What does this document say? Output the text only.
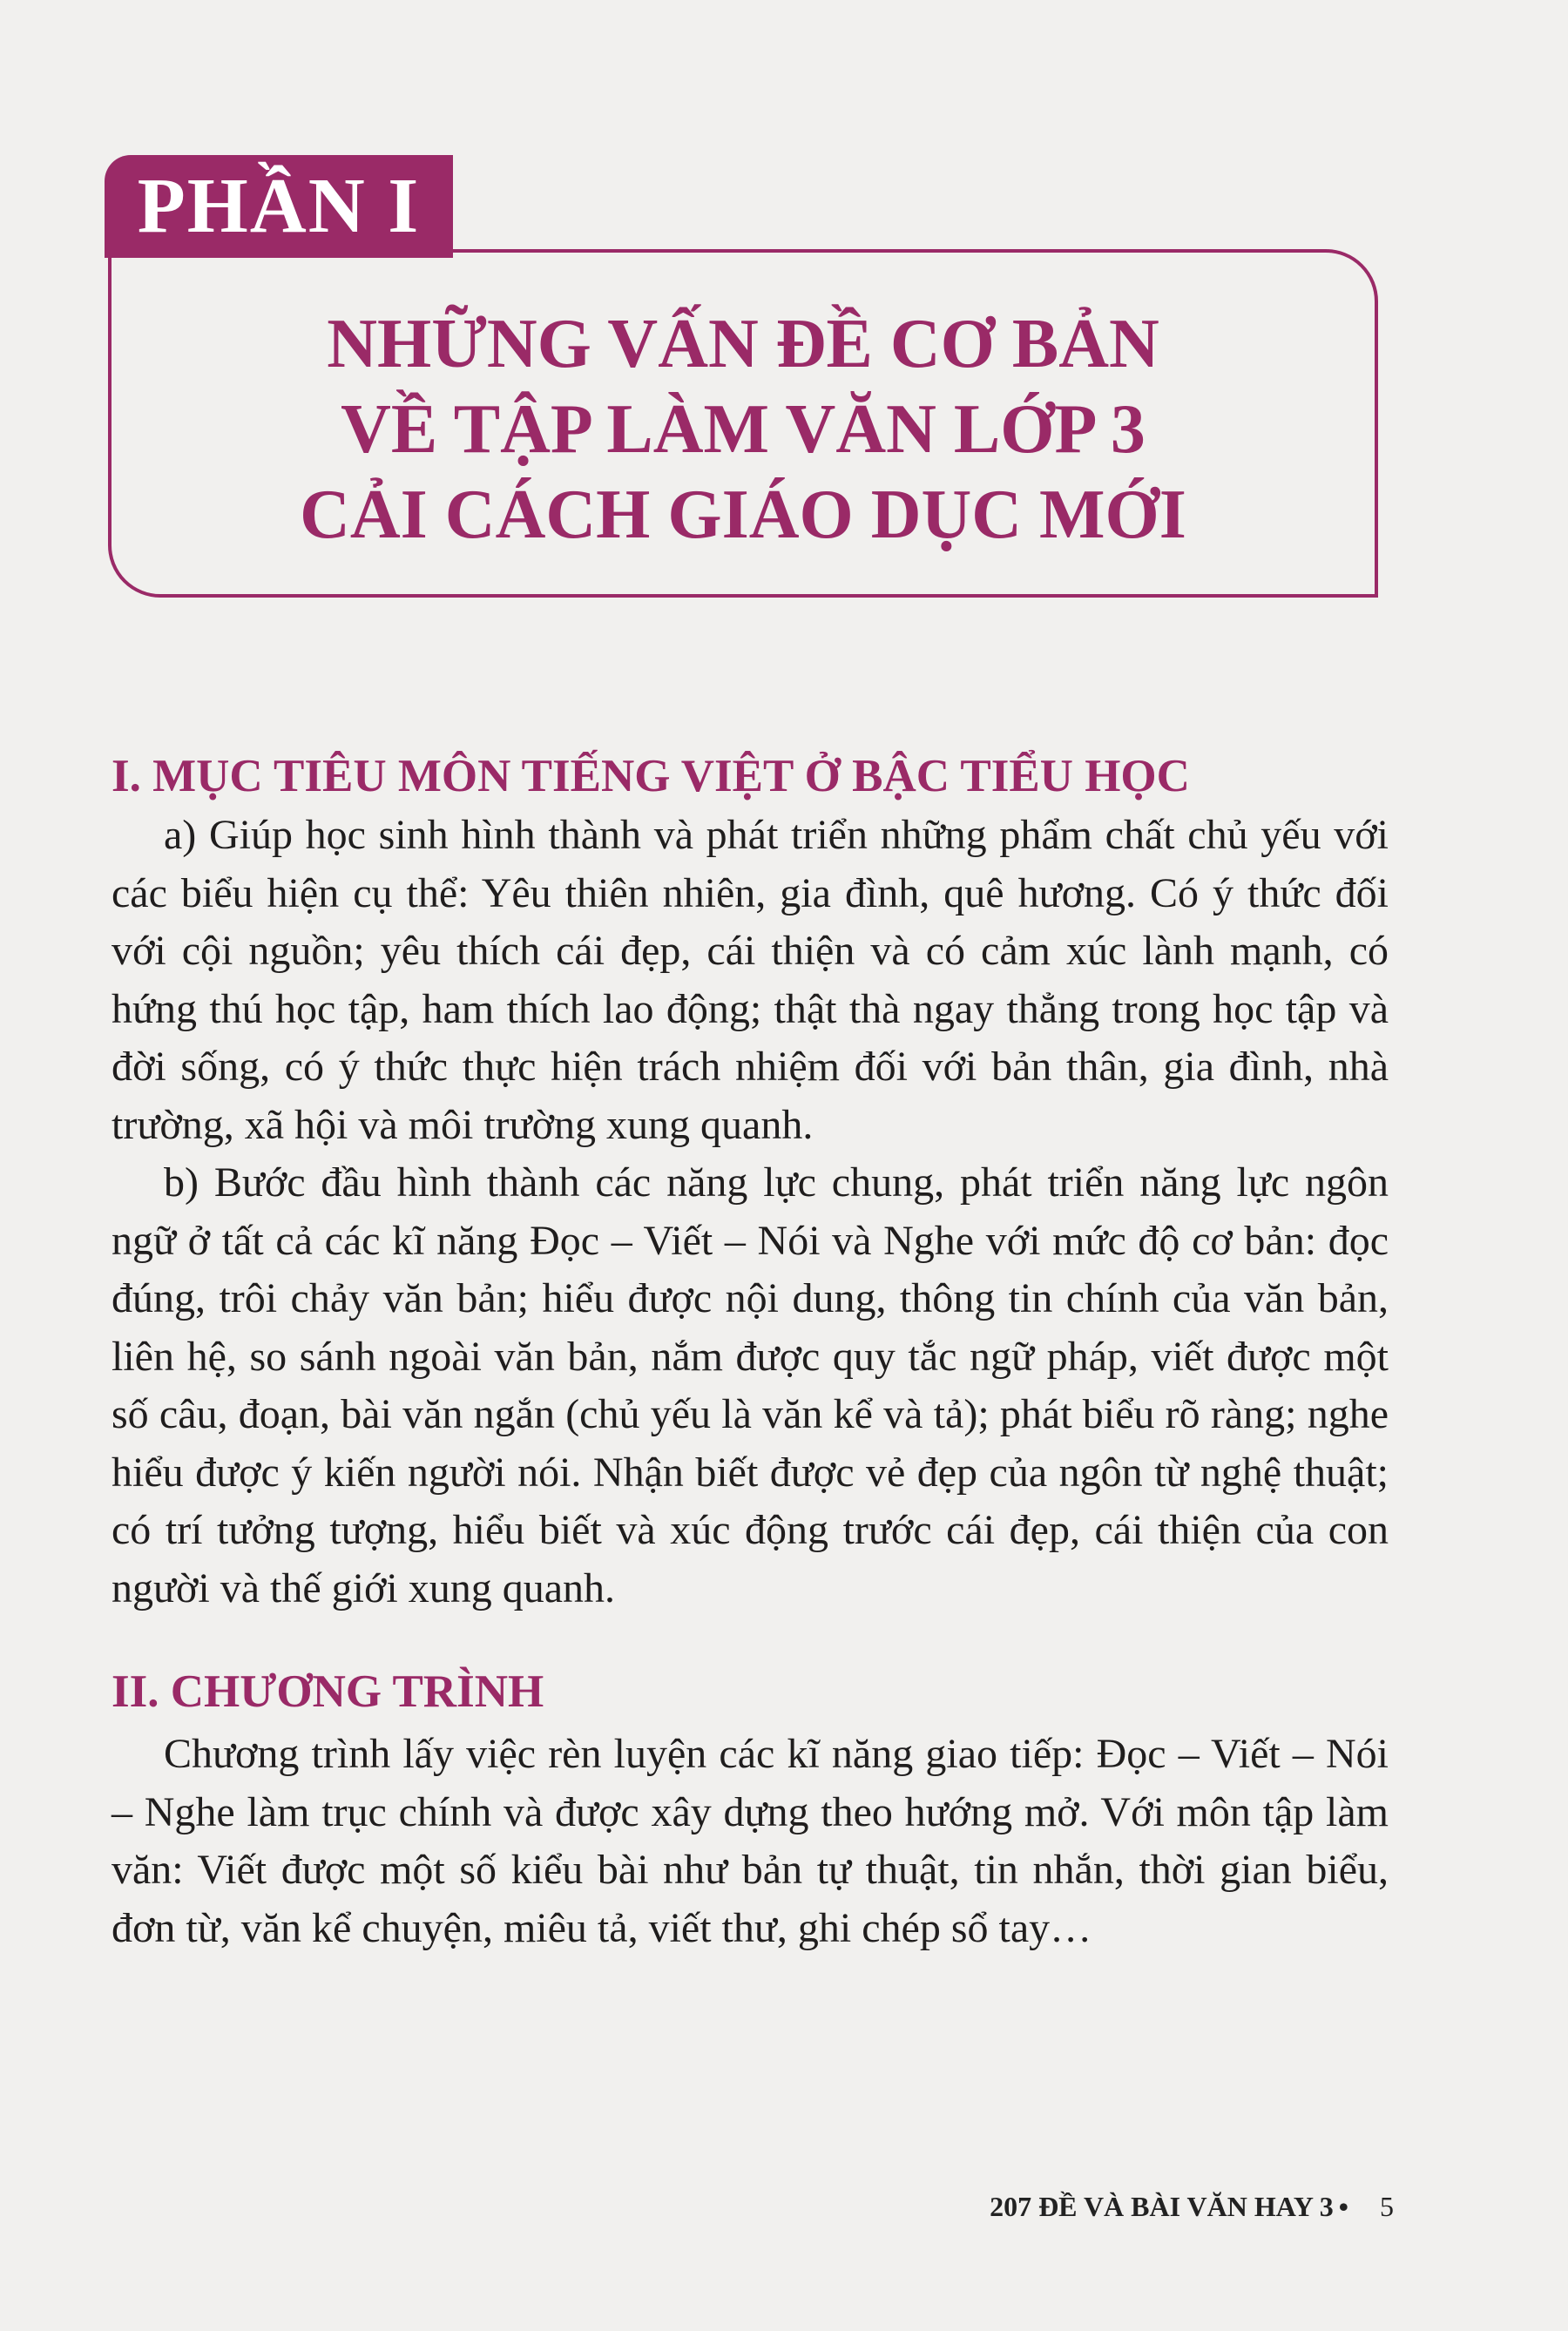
PHẦN I
NHỮNG VẤN ĐỀ CƠ BẢN
VỀ TẬP LÀM VĂN LỚP 3
CẢI CÁCH GIÁO DỤC MỚI
I. MỤC TIÊU MÔN TIẾNG VIỆT Ở BẬC TIỂU HỌC

a) Giúp học sinh hình thành và phát triển những phẩm chất chủ yếu với các biểu hiện cụ thể: Yêu thiên nhiên, gia đình, quê hương. Có ý thức đối với cội nguồn; yêu thích cái đẹp, cái thiện và có cảm xúc lành mạnh, có hứng thú học tập, ham thích lao động; thật thà ngay thẳng trong học tập và đời sống, có ý thức thực hiện trách nhiệm đối với bản thân, gia đình, nhà trường, xã hội và môi trường xung quanh.

b) Bước đầu hình thành các năng lực chung, phát triển năng lực ngôn ngữ ở tất cả các kĩ năng Đọc – Viết – Nói và Nghe với mức độ cơ bản: đọc đúng, trôi chảy văn bản; hiểu được nội dung, thông tin chính của văn bản, liên hệ, so sánh ngoài văn bản, nắm được quy tắc ngữ pháp, viết được một số câu, đoạn, bài văn ngắn (chủ yếu là văn kể và tả); phát biểu rõ ràng; nghe hiểu được ý kiến người nói. Nhận biết được vẻ đẹp của ngôn từ nghệ thuật; có trí tưởng tượng, hiểu biết và xúc động trước cái đẹp, cái thiện của con người và thế giới xung quanh.

II. CHƯƠNG TRÌNH

Chương trình lấy việc rèn luyện các kĩ năng giao tiếp: Đọc – Viết – Nói – Nghe làm trục chính và được xây dựng theo hướng mở. Với môn tập làm văn: Viết được một số kiểu bài như bản tự thuật, tin nhắn, thời gian biểu, đơn từ, văn kể chuyện, miêu tả, viết thư, ghi chép sổ tay…

207 ĐỀ VÀ BÀI VĂN HAY 3 • 5
